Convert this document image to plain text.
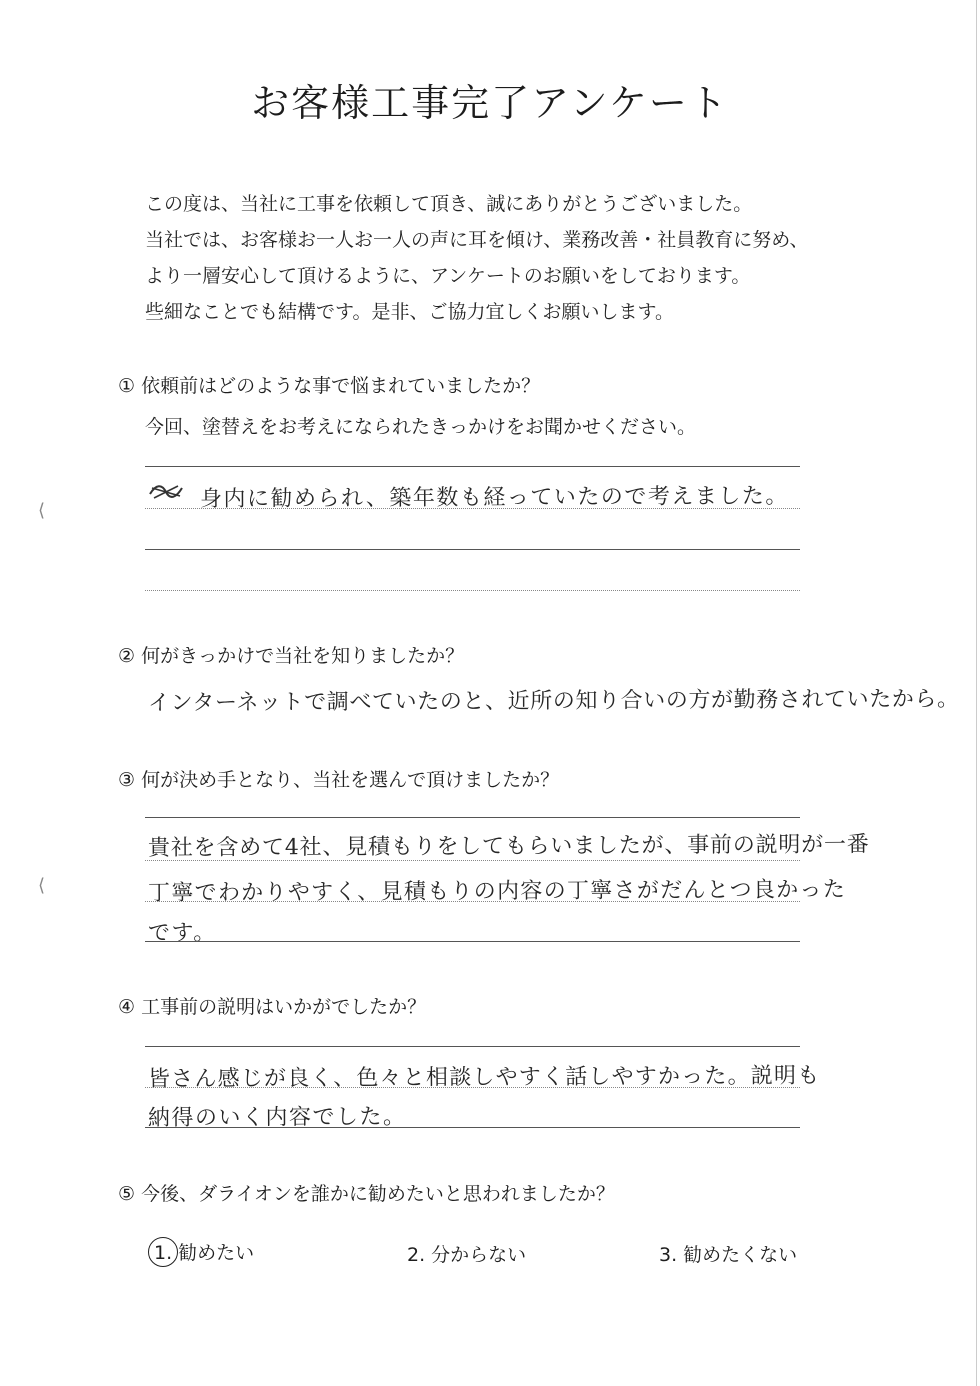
お客様工事完了アンケート
この度は、当社に工事を依頼して頂き、誠にありがとうございました。
当社では、お客様お一人お一人の声に耳を傾け、業務改善・社員教育に努め、
より一層安心して頂けるように、アンケートのお願いをしております。
些細なことでも結構です。是非、ご協力宜しくお願いします。
① 依頼前はどのような事で悩まれていましたか？
今回、塗替えをお考えになられたきっかけをお聞かせください。
身内に勧められ、築年数も経っていたので考えました。
② 何がきっかけで当社を知りましたか？
インターネットで調べていたのと、近所の知り合いの方が勤務されていたから。
③ 何が決め手となり、当社を選んで頂けましたか？
貴社を含めて4社、見積もりをしてもらいましたが、事前の説明が一番
丁寧でわかりやすく、見積もりの内容の丁寧さがだんとつ良かった
です。
④ 工事前の説明はいかがでしたか？
皆さん感じが良く、色々と相談しやすく話しやすかった。説明も
納得のいく内容でした。
⑤ 今後、ダライオンを誰かに勧めたいと思われましたか？
1. 勧めたい	2. 分からない	3. 勧めたくない
⟨
⟨
